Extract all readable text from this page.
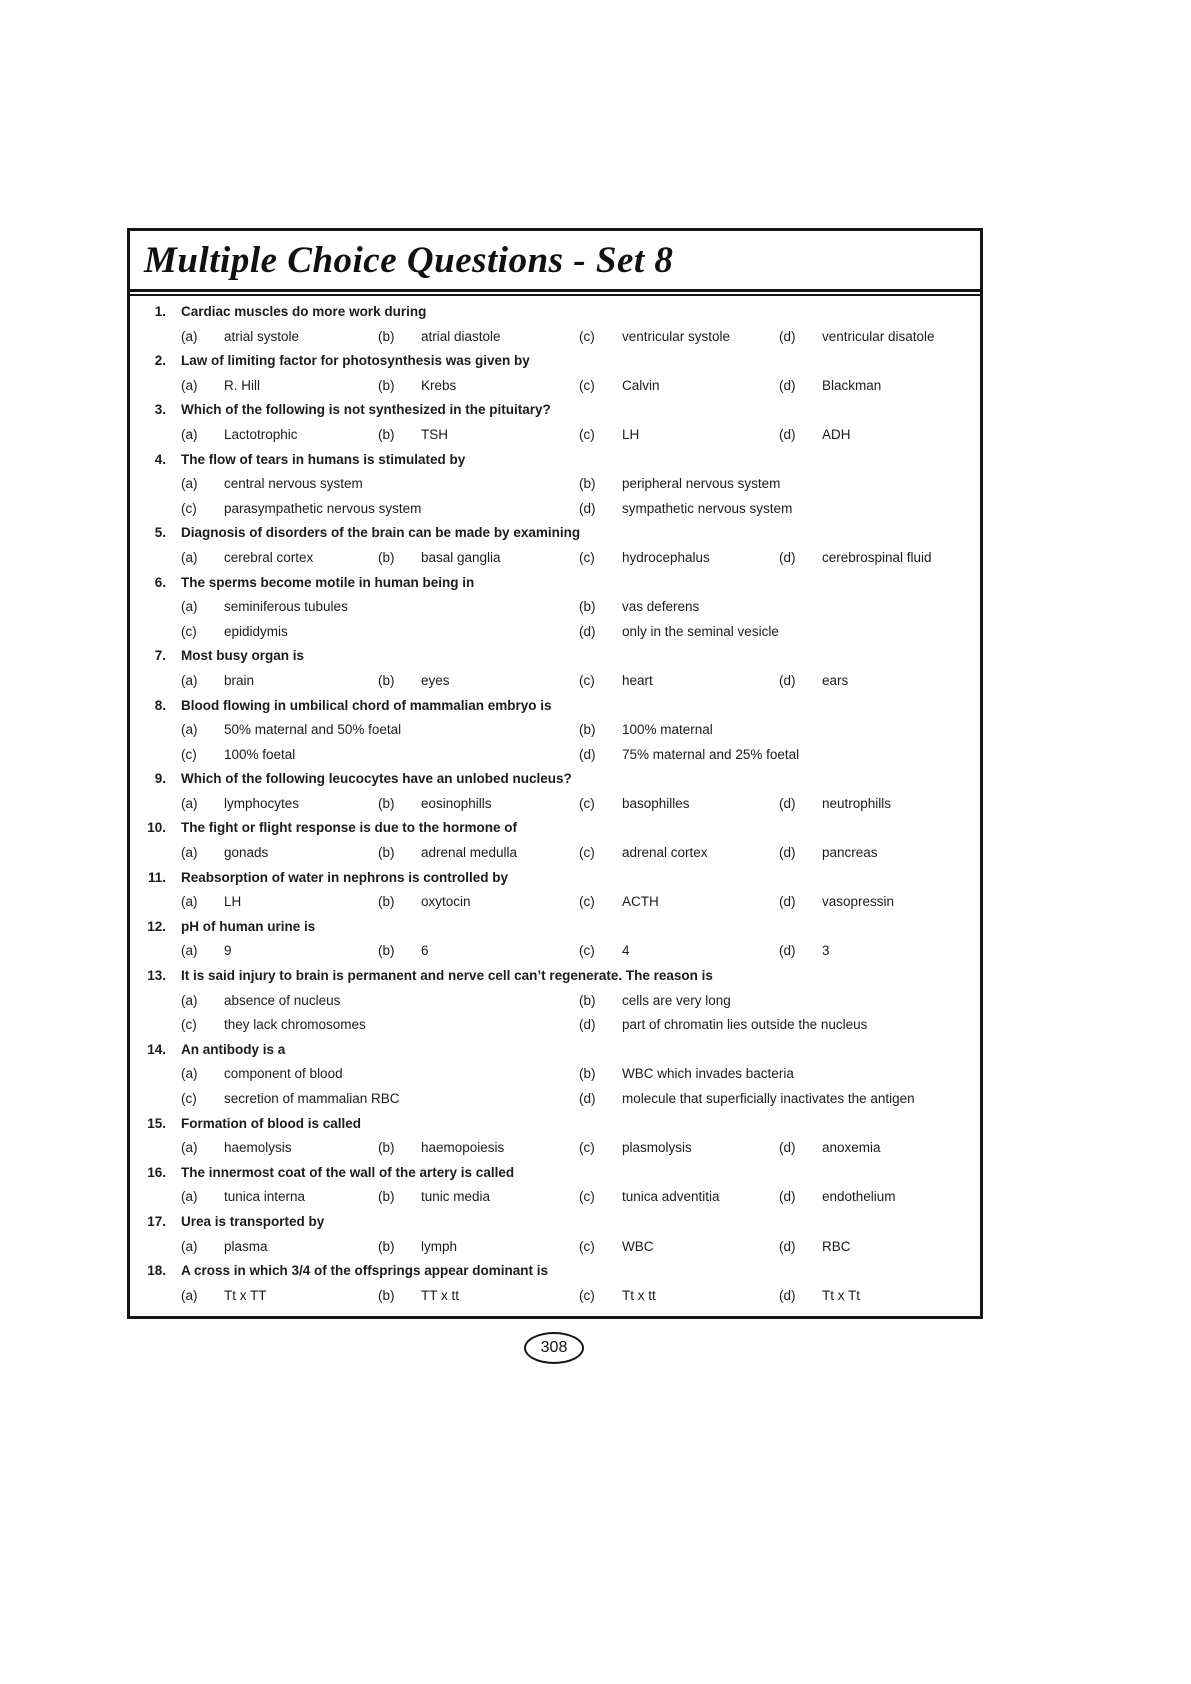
Multiple Choice Questions - Set 8
1. Cardiac muscles do more work during
(a) atrial systole	(b) atrial diastole	(c) ventricular systole	(d) ventricular disatole
2. Law of limiting factor for photosynthesis was given by
(a) R. Hill	(b) Krebs	(c) Calvin	(d) Blackman
3. Which of the following is not synthesized in the pituitary?
(a) Lactotrophic	(b) TSH	(c) LH	(d) ADH
4. The flow of tears in humans is stimulated by
(a) central nervous system	(b) peripheral nervous system
(c) parasympathetic nervous system	(d) sympathetic nervous system
5. Diagnosis of disorders of the brain can be made by examining
(a) cerebral cortex	(b) basal ganglia	(c) hydrocephalus	(d) cerebrospinal fluid
6. The sperms become motile in human being in
(a) seminiferous tubules	(b) vas deferens
(c) epididymis	(d) only in the seminal vesicle
7. Most busy organ is
(a) brain	(b) eyes	(c) heart	(d) ears
8. Blood flowing in umbilical chord of mammalian embryo is
(a) 50% maternal and 50% foetal	(b) 100% maternal
(c) 100% foetal	(d) 75% maternal and 25% foetal
9. Which of the following leucocytes have an unlobed nucleus?
(a) lymphocytes	(b) eosinophills	(c) basophilles	(d) neutrophills
10. The fight or flight response is due to the hormone of
(a) gonads	(b) adrenal medulla	(c) adrenal cortex	(d) pancreas
11. Reabsorption of water in nephrons is controlled by
(a) LH	(b) oxytocin	(c) ACTH	(d) vasopressin
12. pH of human urine is
(a) 9	(b) 6	(c) 4	(d) 3
13. It is said injury to brain is permanent and nerve cell can’t regenerate. The reason is
(a) absence of nucleus	(b) cells are very long
(c) they lack chromosomes	(d) part of chromatin lies outside the nucleus
14. An antibody is a
(a) component of blood	(b) WBC which invades bacteria
(c) secretion of mammalian RBC	(d) molecule that superficially inactivates the antigen
15. Formation of blood is called
(a) haemolysis	(b) haemopoiesis	(c) plasmolysis	(d) anoxemia
16. The innermost coat of the wall of the artery is called
(a) tunica interna	(b) tunic media	(c) tunica adventitia	(d) endothelium
17. Urea is transported by
(a) plasma	(b) lymph	(c) WBC	(d) RBC
18. A cross in which 3/4 of the offsprings appear dominant is
(a) Tt x TT	(b) TT x tt	(c) Tt x tt	(d) Tt x Tt
308
